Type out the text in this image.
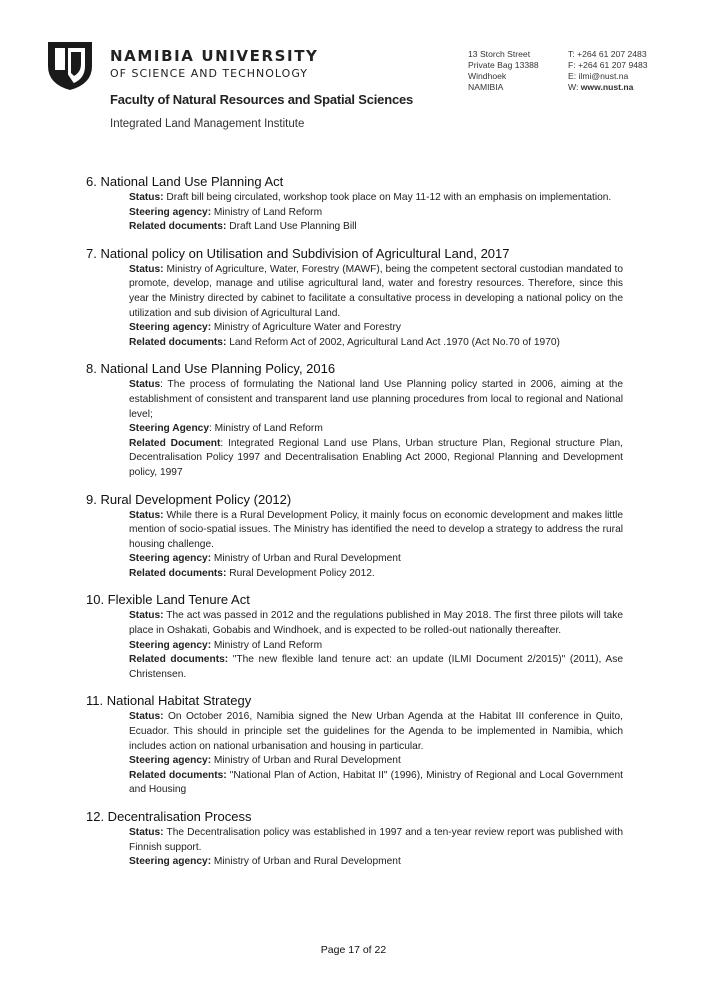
NAMIBIA UNIVERSITY
OF SCIENCE AND TECHNOLOGY
Faculty of Natural Resources and Spatial Sciences
Integrated Land Management Institute
13 Storch Street
Private Bag 13388
Windhoek
NAMIBIA
T: +264 61 207 2483
F: +264 61 207 9483
E: ilmi@nust.na
W: www.nust.na
6. National Land Use Planning Act

Status: Draft bill being circulated, workshop took place on May 11-12 with an emphasis on implementation.

Steering agency: Ministry of Land Reform

Related documents: Draft Land Use Planning Bill

7. National policy on Utilisation and Subdivision of Agricultural Land, 2017

Status: Ministry of Agriculture, Water, Forestry (MAWF), being the competent sectoral custodian mandated to promote, develop, manage and utilise agricultural land, water and forestry resources. Therefore, since this year the Ministry directed by cabinet to facilitate a consultative process in developing a national policy on the utilization and sub division of Agricultural Land.

Steering agency: Ministry of Agriculture Water and Forestry

Related documents: Land Reform Act of 2002, Agricultural Land Act .1970 (Act No.70 of 1970)

8. National Land Use Planning Policy, 2016

Status: The process of formulating the National land Use Planning policy started in 2006, aiming at the establishment of consistent and transparent land use planning procedures from local to regional and National level;

Steering Agency: Ministry of Land Reform

Related Document: Integrated Regional Land use Plans, Urban structure Plan, Regional structure Plan, Decentralisation Policy 1997 and Decentralisation Enabling Act 2000, Regional Planning and Development policy, 1997

9. Rural Development Policy (2012)

Status: While there is a Rural Development Policy, it mainly focus on economic development and makes little mention of socio-spatial issues. The Ministry has identified the need to develop a strategy to address the rural housing challenge.

Steering agency: Ministry of Urban and Rural Development

Related documents: Rural Development Policy 2012.

10. Flexible Land Tenure Act

Status: The act was passed in 2012 and the regulations published in May 2018. The first three pilots will take place in Oshakati, Gobabis and Windhoek, and is expected to be rolled-out nationally thereafter.

Steering agency: Ministry of Land Reform

Related documents: "The new flexible land tenure act: an update (ILMI Document 2/2015)" (2011), Ase Christensen.

11. National Habitat Strategy

Status: On October 2016, Namibia signed the New Urban Agenda at the Habitat III conference in Quito, Ecuador. This should in principle set the guidelines for the Agenda to be implemented in Namibia, which includes action on national urbanisation and housing in particular.

Steering agency: Ministry of Urban and Rural Development

Related documents: "National Plan of Action, Habitat II" (1996), Ministry of Regional and Local Government and Housing

12. Decentralisation Process

Status: The Decentralisation policy was established in 1997 and a ten-year review report was published with Finnish support.

Steering agency: Ministry of Urban and Rural Development

Page 17 of 22
